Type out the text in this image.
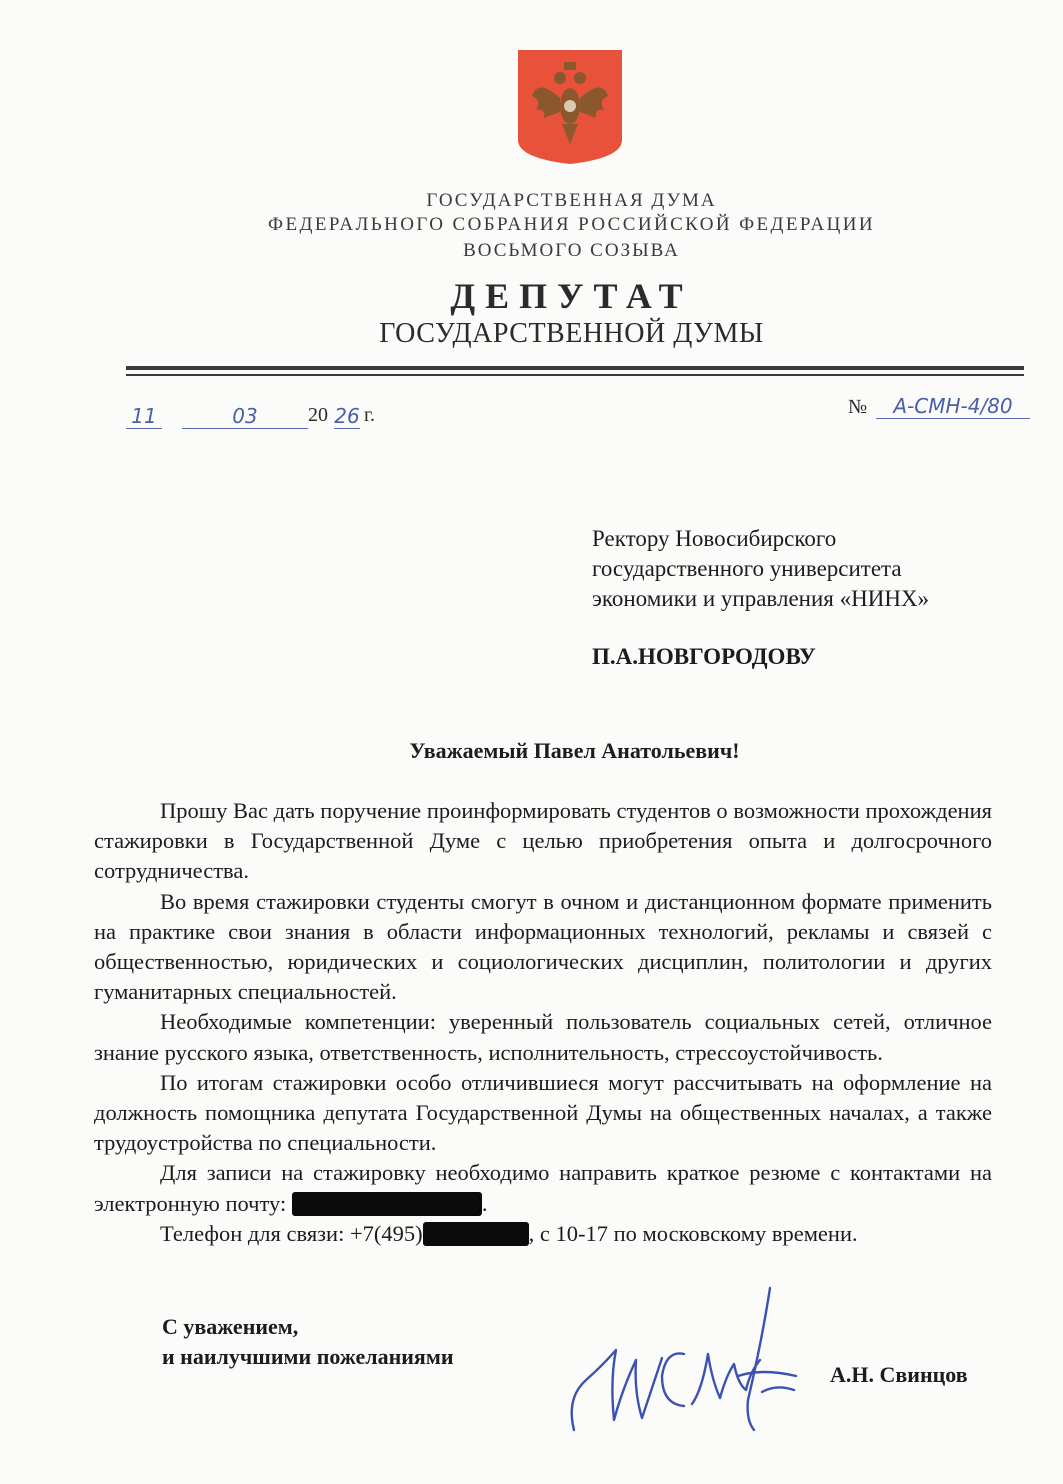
ГОСУДАРСТВЕННАЯ ДУМА
ФЕДЕРАЛЬНОГО СОБРАНИЯ РОССИЙСКОЙ ФЕДЕРАЦИИ
ВОСЬМОГО СОЗЫВА
ДЕПУТАТ
ГОСУДАРСТВЕННОЙ ДУМЫ
11	03	20 26 г.	№	А-СМН-4/80
Ректору Новосибирского
государственного университета
экономики и управления «НИНХ»
П.А.НОВГОРОДОВУ
Уважаемый Павел Анатольевич!

Прошу Вас дать поручение проинформировать студентов о возможности прохождения стажировки в Государственной Думе с целью приобретения опыта и долгосрочного сотрудничества.

Во время стажировки студенты смогут в очном и дистанционном формате применить на практике свои знания в области информационных технологий, рекламы и связей с общественностью, юридических и социологических дисциплин, политологии и других гуманитарных специальностей.

Необходимые компетенции: уверенный пользователь социальных сетей, отличное знание русского языка, ответственность, исполнительность, стрессоустойчивость.

По итогам стажировки особо отличившиеся могут рассчитывать на оформление на должность помощника депутата Государственной Думы на общественных началах, а также трудоустройства по специальности.

Для записи на стажировку необходимо направить краткое резюме с контактами на электронную почту:	.

Телефон для связи: +7(495)	, с 10-17 по московскому времени.

С уважением,
и наилучшими пожеланиями
А.Н. Свинцов
